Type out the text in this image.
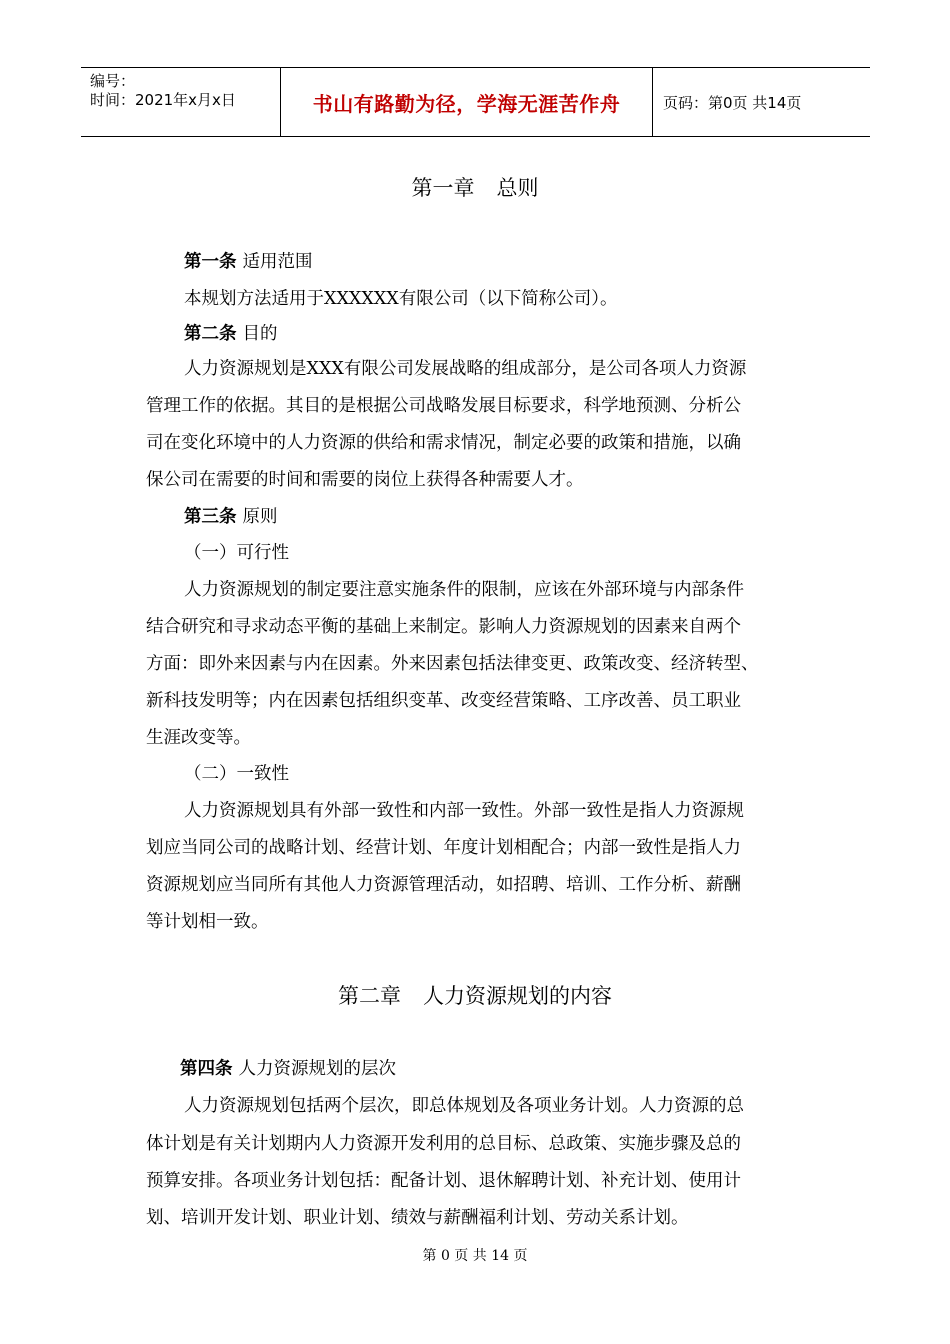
编号：
时间：2021年x月x日	书山有路勤为径，学海无涯苦作舟	页码：第0页 共14页
第一章 总则
第一条 适用范围
本规划方法适用于XXXXXX有限公司（以下简称公司）。
第二条 目的
人力资源规划是XXX有限公司发展战略的组成部分，是公司各项人力资源
管理工作的依据。其目的是根据公司战略发展目标要求，科学地预测、分析公
司在变化环境中的人力资源的供给和需求情况，制定必要的政策和措施，以确
保公司在需要的时间和需要的岗位上获得各种需要人才。
第三条 原则
（一）可行性
人力资源规划的制定要注意实施条件的限制，应该在外部环境与内部条件
结合研究和寻求动态平衡的基础上来制定。影响人力资源规划的因素来自两个
方面：即外来因素与内在因素。外来因素包括法律变更、政策改变、经济转型、
新科技发明等；内在因素包括组织变革、改变经营策略、工序改善、员工职业
生涯改变等。
（二）一致性
人力资源规划具有外部一致性和内部一致性。外部一致性是指人力资源规
划应当同公司的战略计划、经营计划、年度计划相配合；内部一致性是指人力
资源规划应当同所有其他人力资源管理活动，如招聘、培训、工作分析、薪酬
等计划相一致。
第二章 人力资源规划的内容
第四条 人力资源规划的层次
人力资源规划包括两个层次，即总体规划及各项业务计划。人力资源的总
体计划是有关计划期内人力资源开发利用的总目标、总政策、实施步骤及总的
预算安排。各项业务计划包括：配备计划、退休解聘计划、补充计划、使用计
划、培训开发计划、职业计划、绩效与薪酬福利计划、劳动关系计划。
第 0 页 共 14 页
